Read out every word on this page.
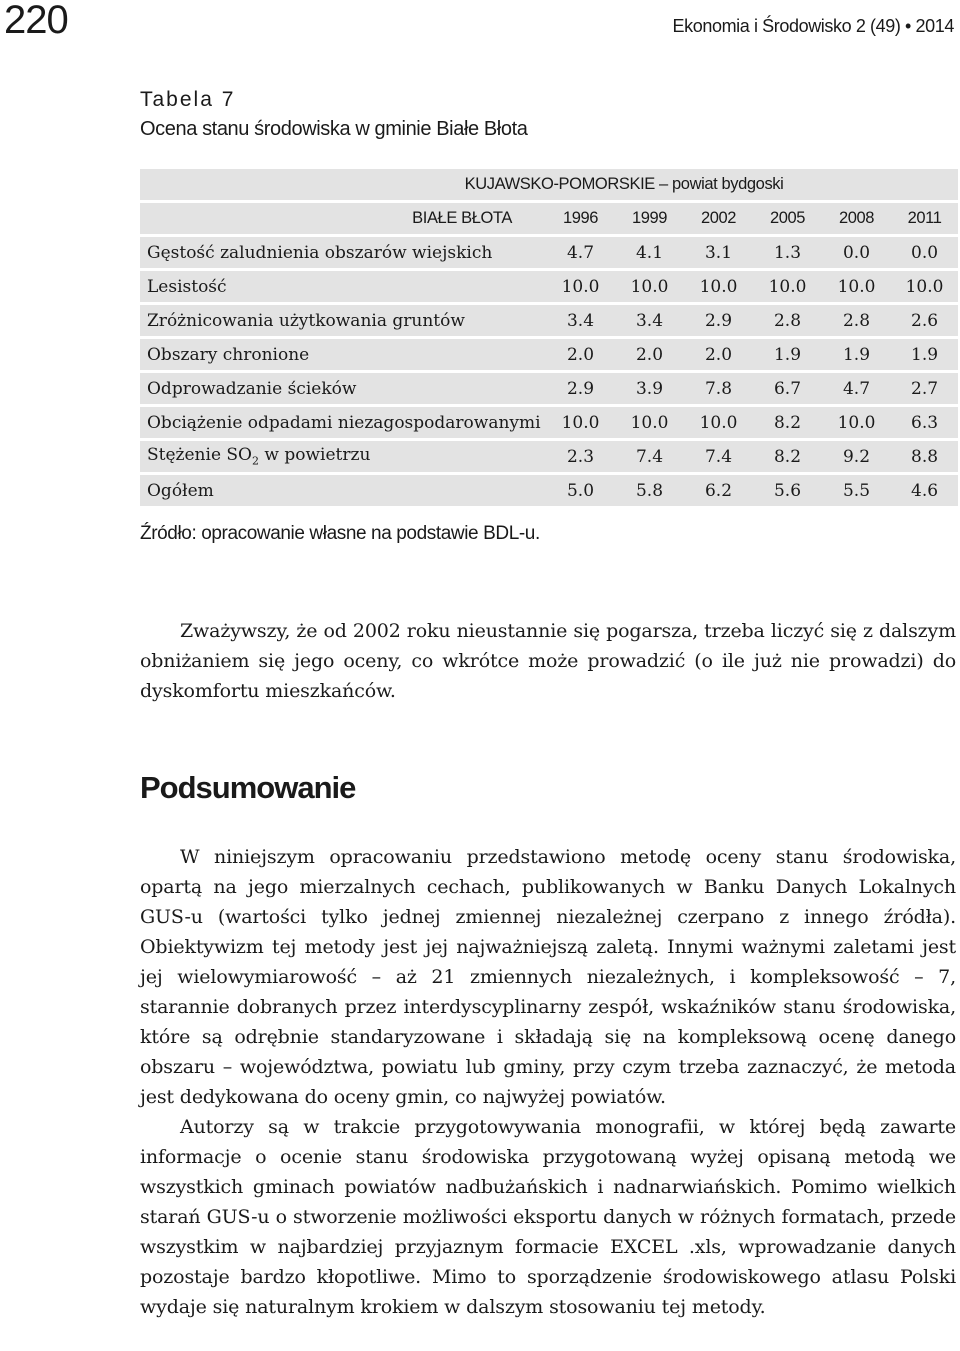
220	Ekonomia i Środowisko 2 (49) • 2014
Tabela 7
Ocena stanu środowiska w gminie Białe Błota
KUJAWSKO-POMORSKIE – powiat bydgoski						
BIAŁE BŁOTA	1996	1999	2002	2005	2008	2011
Gęstość zaludnienia obszarów wiejskich	4.7	4.1	3.1	1.3	0.0	0.0
Lesistość	10.0	10.0	10.0	10.0	10.0	10.0
Zróżnicowania użytkowania gruntów	3.4	3.4	2.9	2.8	2.8	2.6
Obszary chronione	2.0	2.0	2.0	1.9	1.9	1.9
Odprowadzanie ścieków	2.9	3.9	7.8	6.7	4.7	2.7
Obciążenie odpadami niezagospodarowanymi	10.0	10.0	10.0	8.2	10.0	6.3
Stężenie $SO_2$ w powietrzu	2.3	7.4	7.4	8.2	9.2	8.8
Ogółem	5.0	5.8	6.2	5.6	5.5	4.6
Źródło: opracowanie własne na podstawie BDL-u.

Zważywszy, że od 2002 roku nieustannie się pogarsza, trzeba liczyć się z dalszym obniżaniem się jego oceny, co wkrótce może prowadzić (o ile już nie prowadzi) do dyskomfortu mieszkańców.

Podsumowanie

W niniejszym opracowaniu przedstawiono metodę oceny stanu środowiska, opartą na jego mierzalnych cechach, publikowanych w Banku Danych Lokalnych GUS-u (wartości tylko jednej zmiennej niezależnej czerpano z innego źródła). Obiektywizm tej metody jest jej najważniejszą zaletą. Innymi ważnymi zaletami jest jej wielowymiarowość – aż 21 zmiennych niezależnych, i kompleksowość – 7, starannie dobranych przez interdyscyplinarny zespół, wskaźników stanu środowiska, które są odrębnie standaryzowane i składają się na kompleksową ocenę danego obszaru – województwa, powiatu lub gminy, przy czym trzeba zaznaczyć, że metoda jest dedykowana do oceny gmin, co najwyżej powiatów.

Autorzy są w trakcie przygotowywania monografii, w której będą zawarte informacje o ocenie stanu środowiska przygotowaną wyżej opisaną metodą we wszystkich gminach powiatów nadbużańskich i nadnarwiańskich. Pomimo wielkich starań GUS-u o stworzenie możliwości eksportu danych w różnych formatach, przede wszystkim w najbardziej przyjaznym formacie EXCEL .xls, wprowadzanie danych pozostaje bardzo kłopotliwe. Mimo to sporządzenie środowiskowego atlasu Polski wydaje się naturalnym krokiem w dalszym stosowaniu tej metody.
